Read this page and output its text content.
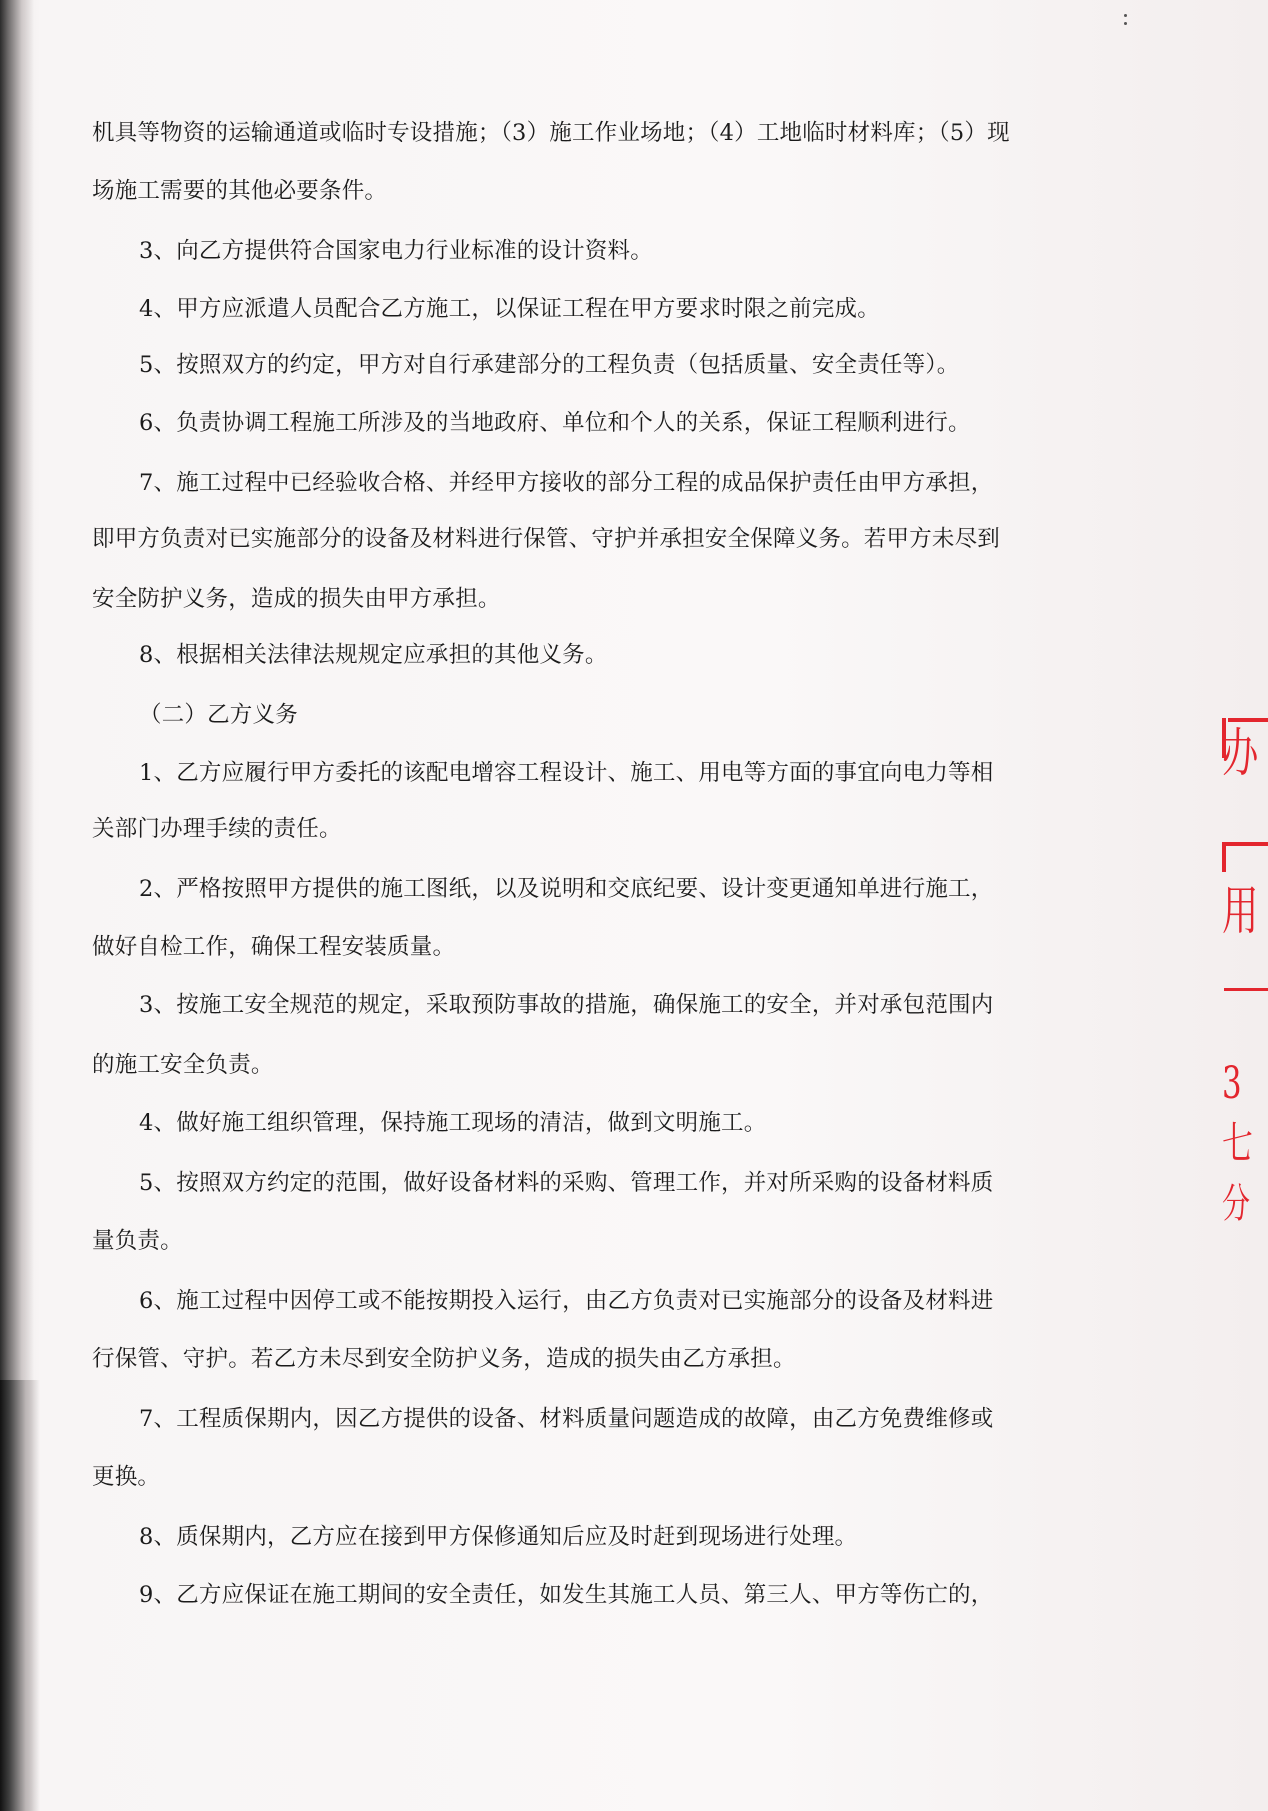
机具等物资的运输通道或临时专设措施；（3）施工作业场地；（4）工地临时材料库；（5）现
场施工需要的其他必要条件。
3、向乙方提供符合国家电力行业标准的设计资料。
4、甲方应派遣人员配合乙方施工，以保证工程在甲方要求时限之前完成。
5、按照双方的约定，甲方对自行承建部分的工程负责（包括质量、安全责任等）。
6、负责协调工程施工所涉及的当地政府、单位和个人的关系，保证工程顺利进行。
7、施工过程中已经验收合格、并经甲方接收的部分工程的成品保护责任由甲方承担，
即甲方负责对已实施部分的设备及材料进行保管、守护并承担安全保障义务。若甲方未尽到
安全防护义务，造成的损失由甲方承担。
8、根据相关法律法规规定应承担的其他义务。
（二）乙方义务
1、乙方应履行甲方委托的该配电增容工程设计、施工、用电等方面的事宜向电力等相
关部门办理手续的责任。
2、严格按照甲方提供的施工图纸，以及说明和交底纪要、设计变更通知单进行施工，
做好自检工作，确保工程安装质量。
3、按施工安全规范的规定，采取预防事故的措施，确保施工的安全，并对承包范围内
的施工安全负责。
4、做好施工组织管理，保持施工现场的清洁，做到文明施工。
5、按照双方约定的范围，做好设备材料的采购、管理工作，并对所采购的设备材料质
量负责。
6、施工过程中因停工或不能按期投入运行，由乙方负责对已实施部分的设备及材料进
行保管、守护。若乙方未尽到安全防护义务，造成的损失由乙方承担。
7、工程质保期内，因乙方提供的设备、材料质量问题造成的故障，由乙方免费维修或
更换。
8、质保期内，乙方应在接到甲方保修通知后应及时赶到现场进行处理。
9、乙方应保证在施工期间的安全责任，如发生其施工人员、第三人、甲方等伤亡的，
办
用
3
七
分
